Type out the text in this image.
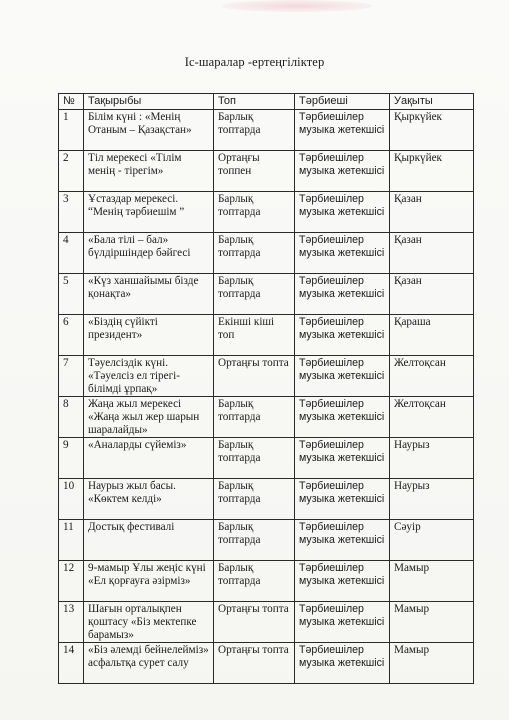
Іс-шаралар -ертеңгіліктер
№	Тақырыбы	Топ	Тәрбиеші	Уақыты
1	Білім күні : «Менің Отаным – Қазақстан»	Барлық топтарда	Тәрбиешілер музыка жетекшісі	Қыркүйек
2	Тіл мерекесі «Тілім менің - тірегім»	Ортаңғы топпен	Тәрбиешілер музыка жетекшісі	Қыркүйек
3	Ұстаздар мерекесі. “Менің тәрбиешім ”	Барлық топтарда	Тәрбиешілер музыка жетекшісі	Қазан
4	«Бала тілі – бал» бүлдіршіндер бәйгесі	Барлық топтарда	Тәрбиешілер музыка жетекшісі	Қазан
5	«Күз ханшайымы бізде қонақта»	Барлық топтарда	Тәрбиешілер музыка жетекшісі	Қазан
6	«Біздің сүйікті президент»	Екінші кіші топ	Тәрбиешілер музыка жетекшісі	Қараша
7	Тәуелсіздік күні. «Тәуелсіз ел тірегі- білімді ұрпақ»	Ортаңғы топта	Тәрбиешілер музыка жетекшісі	Желтоқсан
8	Жаңа жыл мерекесі «Жаңа жыл жер шарын шаралайды»	Барлық топтарда	Тәрбиешілер музыка жетекшісі	Желтоқсан
9	«Аналарды сүйеміз»	Барлық топтарда	Тәрбиешілер музыка жетекшісі	Наурыз
10	Наурыз жыл басы. «Көктем келді»	Барлық топтарда	Тәрбиешілер музыка жетекшісі	Наурыз
11	Достық фестивалі	Барлық топтарда	Тәрбиешілер музыка жетекшісі	Сәуір
12	9-мамыр Ұлы жеңіс күні «Ел қорғауға әзірміз»	Барлық топтарда	Тәрбиешілер музыка жетекшісі	Мамыр
13	Шағын орталықпен қоштасу «Біз мектепке барамыз»	Ортаңғы топта	Тәрбиешілер музыка жетекшісі	Мамыр
14	«Біз әлемді бейнелейміз» асфальтқа сурет салу	Ортаңғы топта	Тәрбиешілер музыка жетекшісі	Мамыр
